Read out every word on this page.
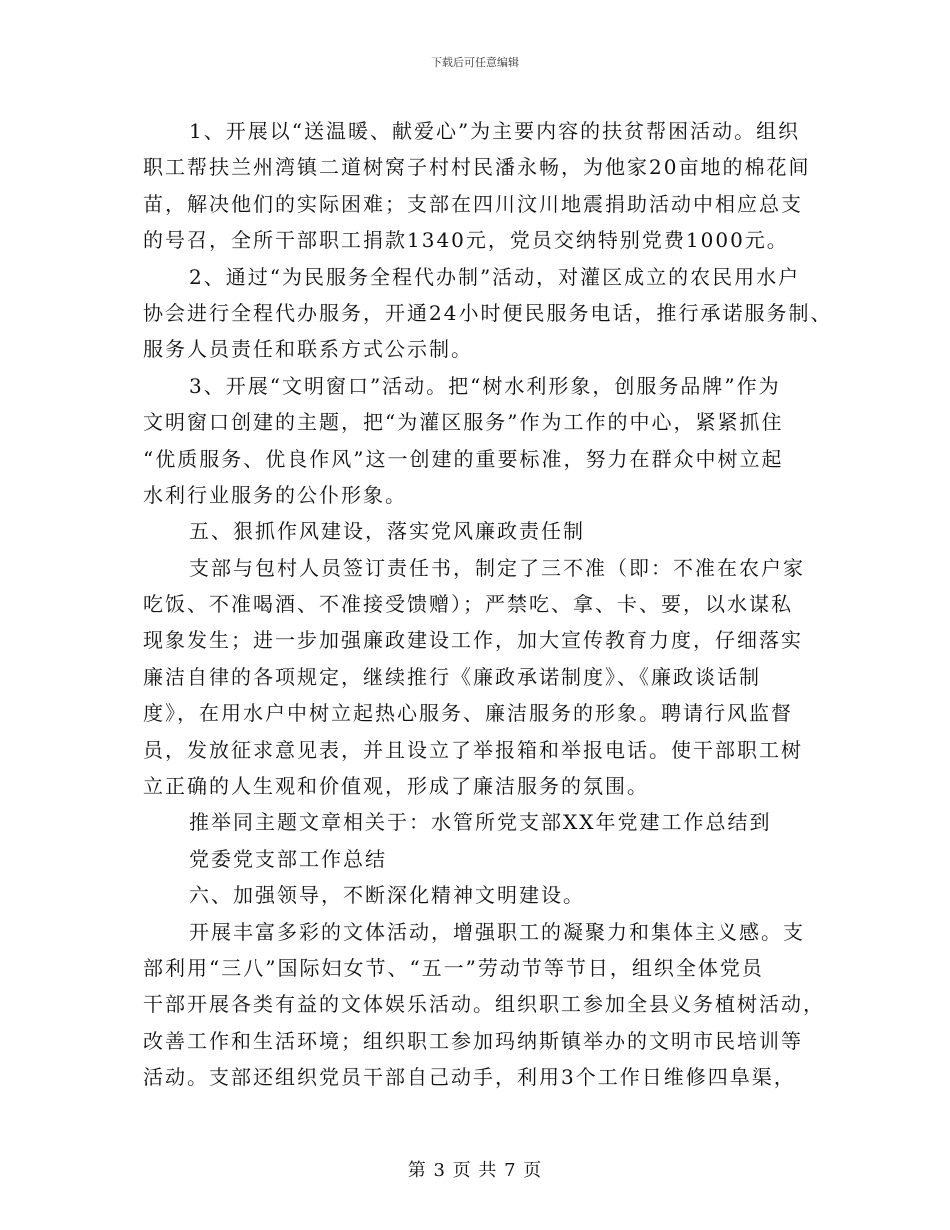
下载后可任意编辑
1、开展以“送温暖、献爱心”为主要内容的扶贫帮困活动。组织
职工帮扶兰州湾镇二道树窝子村村民潘永畅，为他家20亩地的棉花间
苗，解决他们的实际困难；支部在四川汶川地震捐助活动中相应总支
的号召，全所干部职工捐款1340元，党员交纳特别党费1000元。
2、通过“为民服务全程代办制”活动，对灌区成立的农民用水户
协会进行全程代办服务，开通24小时便民服务电话，推行承诺服务制、
服务人员责任和联系方式公示制。
3、开展“文明窗口”活动。把“树水利形象，创服务品牌”作为
文明窗口创建的主题，把“为灌区服务”作为工作的中心，紧紧抓住
“优质服务、优良作风”这一创建的重要标准，努力在群众中树立起
水利行业服务的公仆形象。
五、狠抓作风建设，落实党风廉政责任制
支部与包村人员签订责任书，制定了三不准（即：不准在农户家
吃饭、不准喝酒、不准接受馈赠）；严禁吃、拿、卡、要，以水谋私
现象发生；进一步加强廉政建设工作，加大宣传教育力度，仔细落实
廉洁自律的各项规定，继续推行《廉政承诺制度》、《廉政谈话制
度》，在用水户中树立起热心服务、廉洁服务的形象。聘请行风监督
员，发放征求意见表，并且设立了举报箱和举报电话。使干部职工树
立正确的人生观和价值观，形成了廉洁服务的氛围。
推举同主题文章相关于：水管所党支部XX年党建工作总结到
党委党支部工作总结
六、加强领导，不断深化精神文明建设。
开展丰富多彩的文体活动，增强职工的凝聚力和集体主义感。支
部利用“三八”国际妇女节、“五一”劳动节等节日，组织全体党员
干部开展各类有益的文体娱乐活动。组织职工参加全县义务植树活动，
改善工作和生活环境；组织职工参加玛纳斯镇举办的文明市民培训等
活动。支部还组织党员干部自己动手，利用3个工作日维修四阜渠，
第 3 页 共 7 页
